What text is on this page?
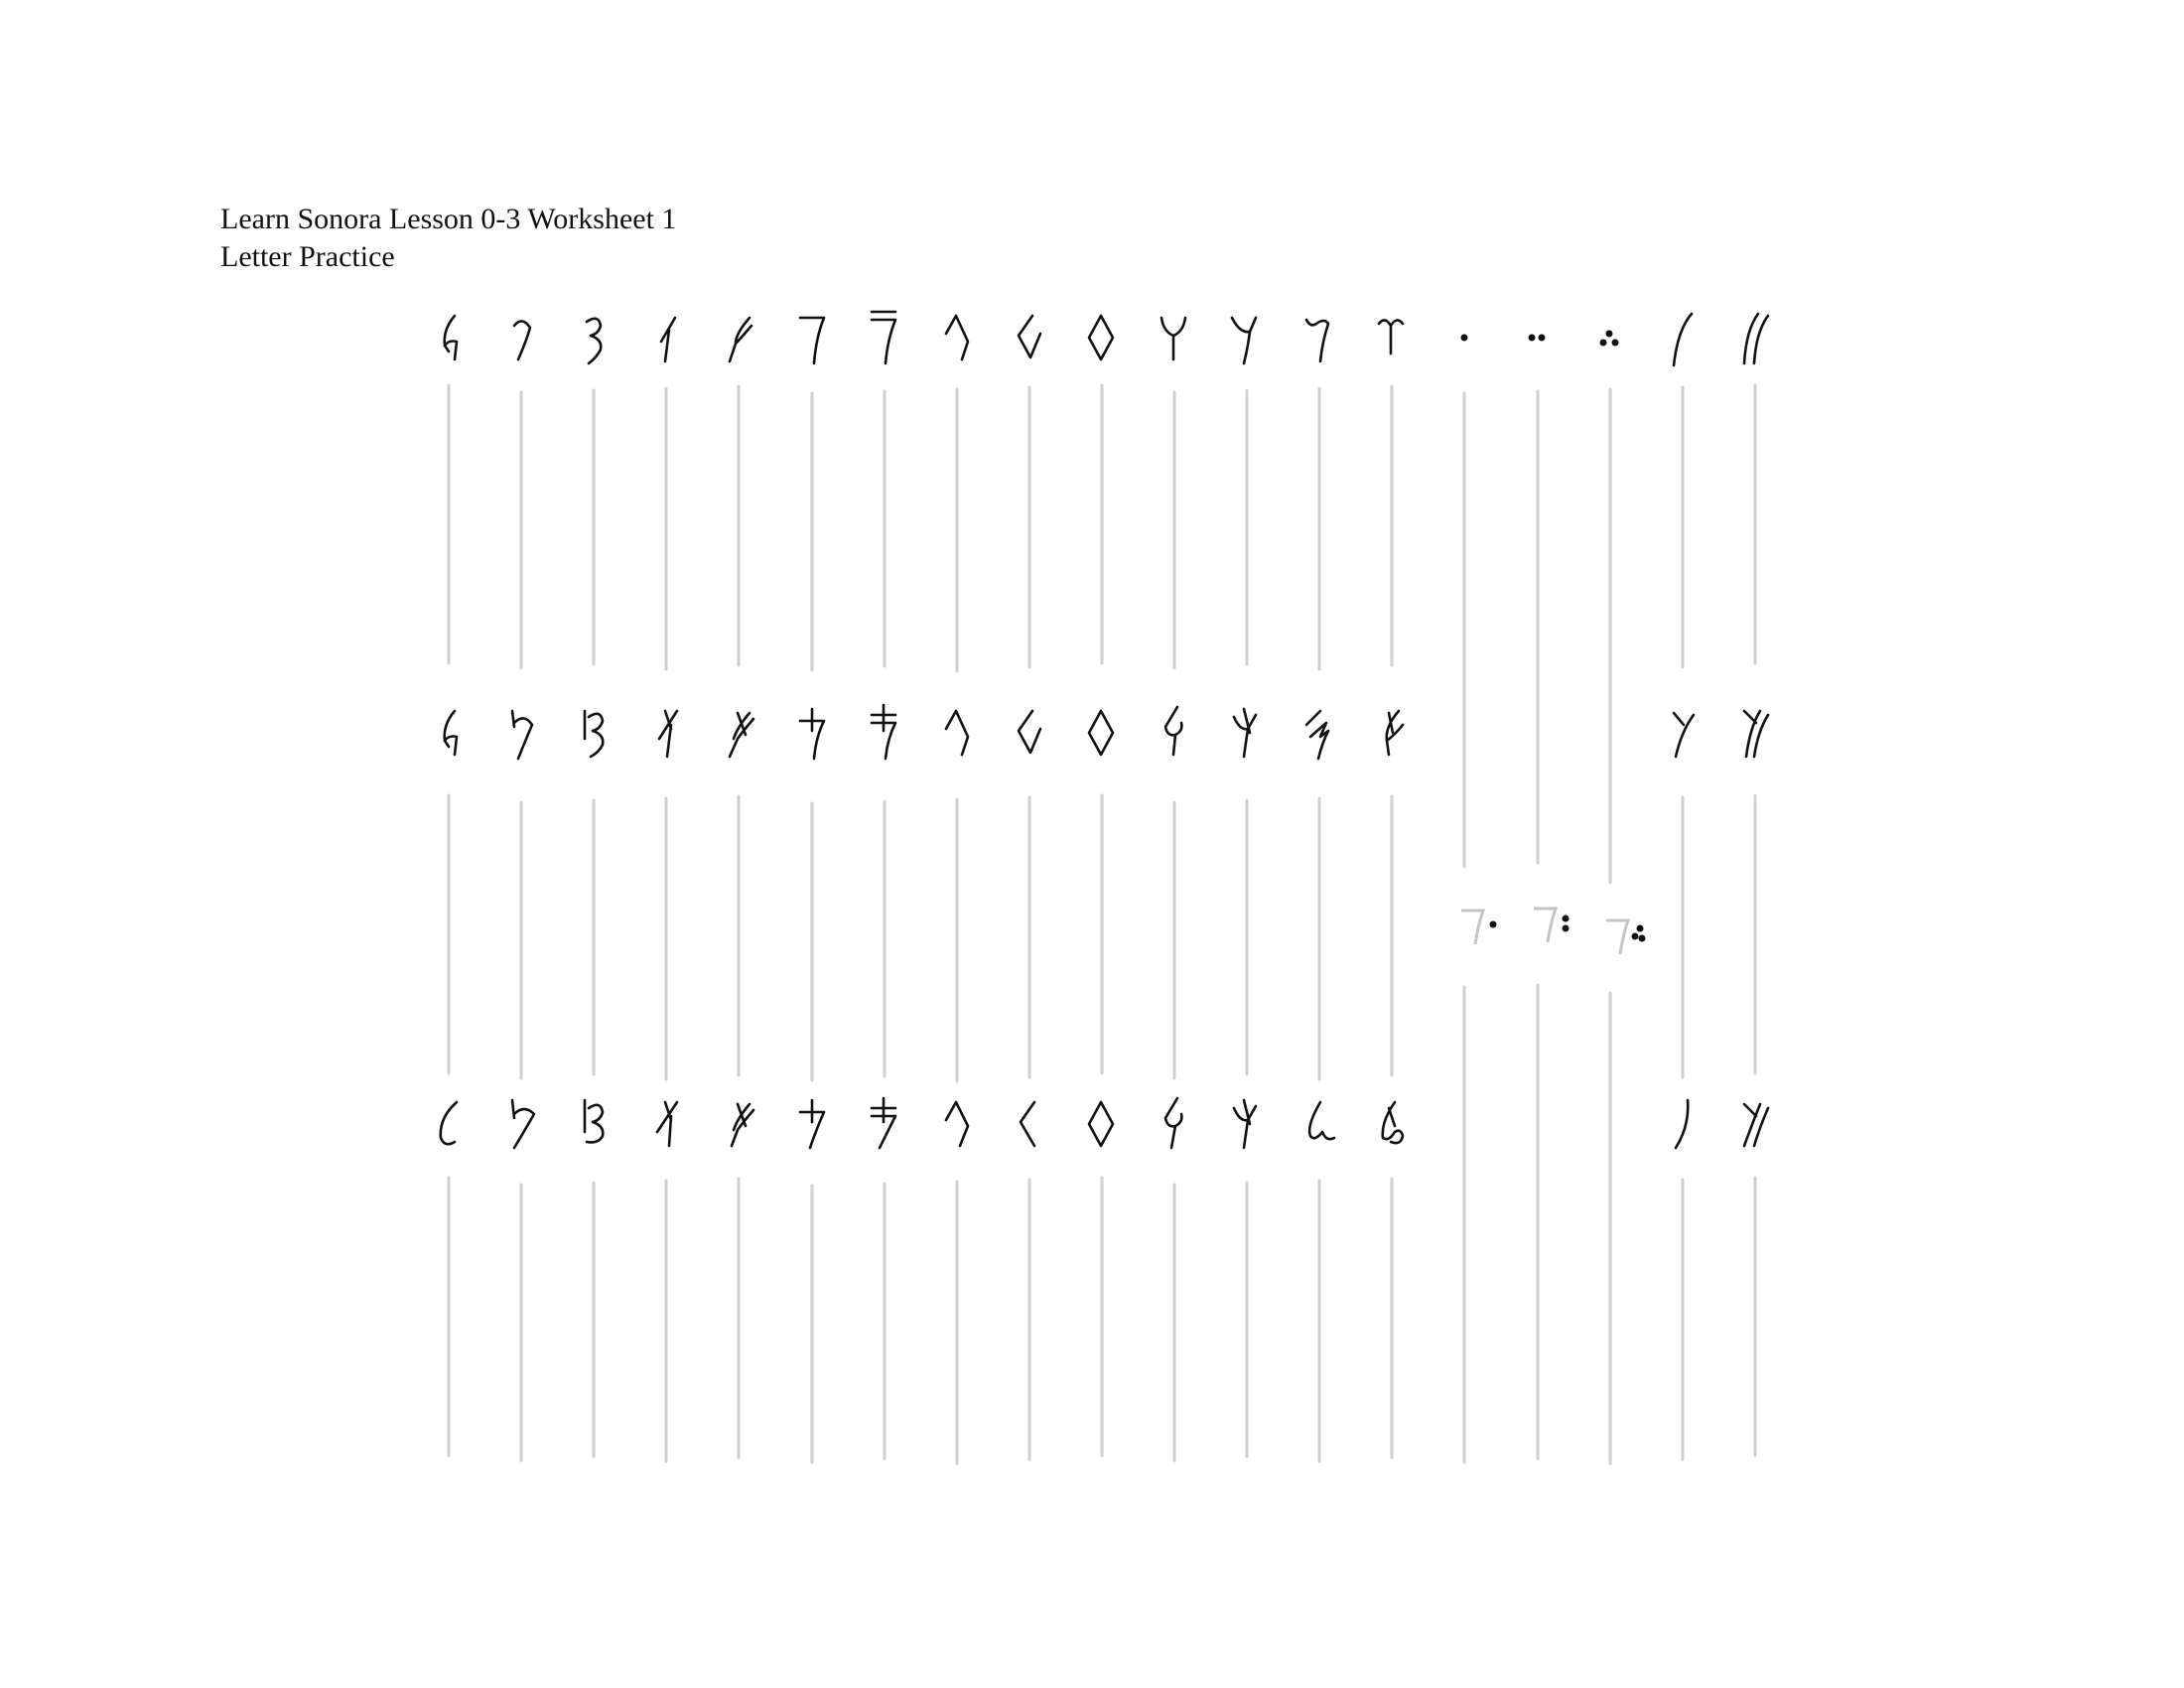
Learn Sonora Lesson 0-3 Worksheet 1
Letter Practice
